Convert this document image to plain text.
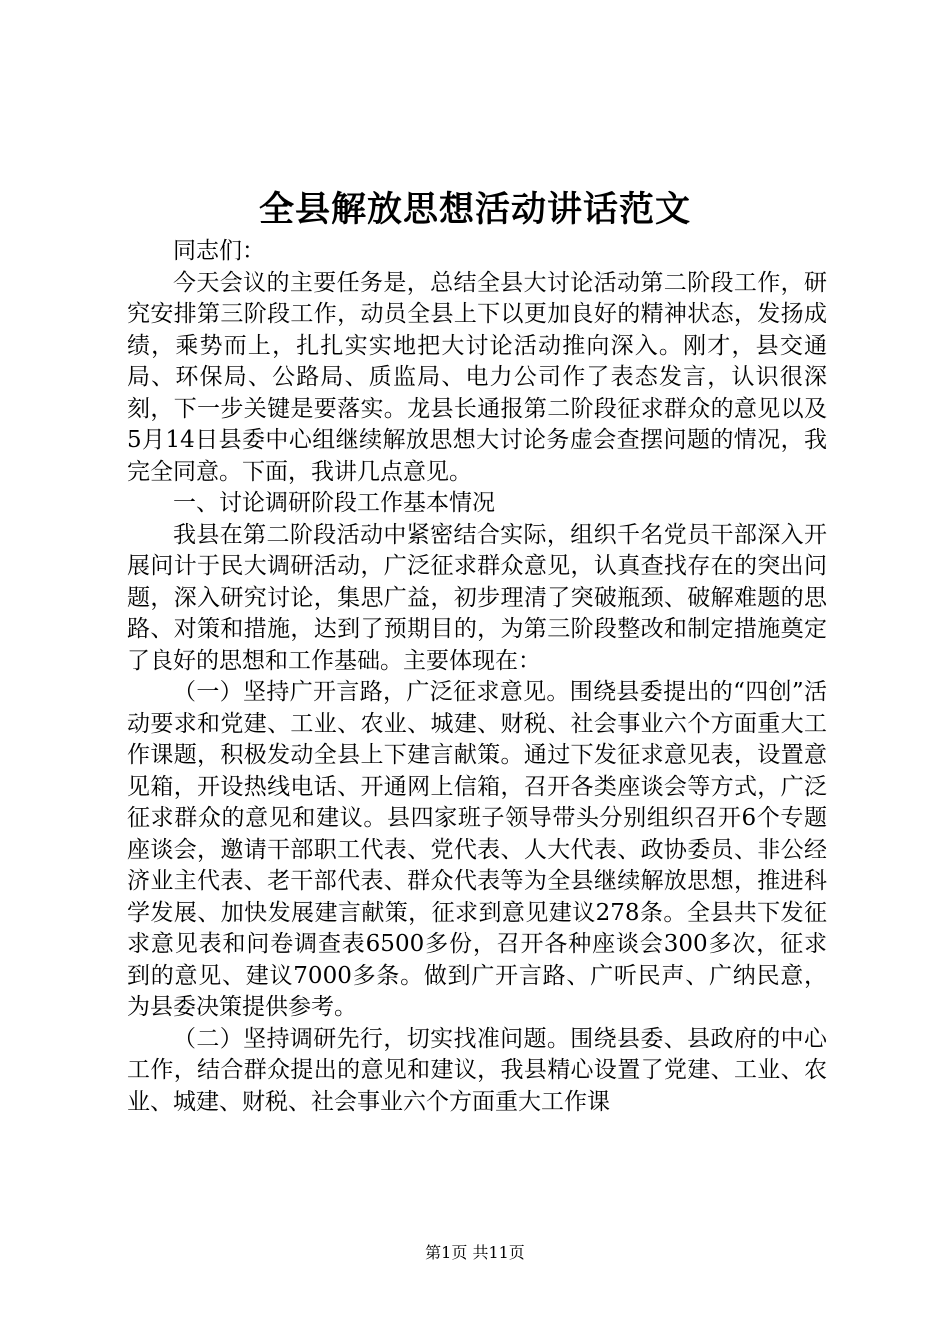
全县解放思想活动讲话范文

同志们：

今天会议的主要任务是，总结全县大讨论活动第二阶段工作，研究安排第三阶段工作，动员全县上下以更加良好的精神状态，发扬成绩，乘势而上，扎扎实实地把大讨论活动推向深入。刚才，县交通局、环保局、公路局、质监局、电力公司作了表态发言，认识很深刻，下一步关键是要落实。龙县长通报第二阶段征求群众的意见以及5月14日县委中心组继续解放思想大讨论务虚会查摆问题的情况，我完全同意。下面，我讲几点意见。

一、讨论调研阶段工作基本情况

我县在第二阶段活动中紧密结合实际，组织千名党员干部深入开展问计于民大调研活动，广泛征求群众意见，认真查找存在的突出问题，深入研究讨论，集思广益，初步理清了突破瓶颈、破解难题的思路、对策和措施，达到了预期目的，为第三阶段整改和制定措施奠定了良好的思想和工作基础。主要体现在：

（一）坚持广开言路，广泛征求意见。围绕县委提出的“四创”活动要求和党建、工业、农业、城建、财税、社会事业六个方面重大工作课题，积极发动全县上下建言献策。通过下发征求意见表，设置意见箱，开设热线电话、开通网上信箱，召开各类座谈会等方式，广泛征求群众的意见和建议。县四家班子领导带头分别组织召开6个专题座谈会，邀请干部职工代表、党代表、人大代表、政协委员、非公经济业主代表、老干部代表、群众代表等为全县继续解放思想，推进科学发展、加快发展建言献策，征求到意见建议278条。全县共下发征求意见表和问卷调查表6500多份，召开各种座谈会300多次，征求到的意见、建议7000多条。做到广开言路、广听民声、广纳民意，为县委决策提供参考。

（二）坚持调研先行，切实找准问题。围绕县委、县政府的中心工作，结合群众提出的意见和建议，我县精心设置了党建、工业、农业、城建、财税、社会事业六个方面重大工作课

第1页 共11页
